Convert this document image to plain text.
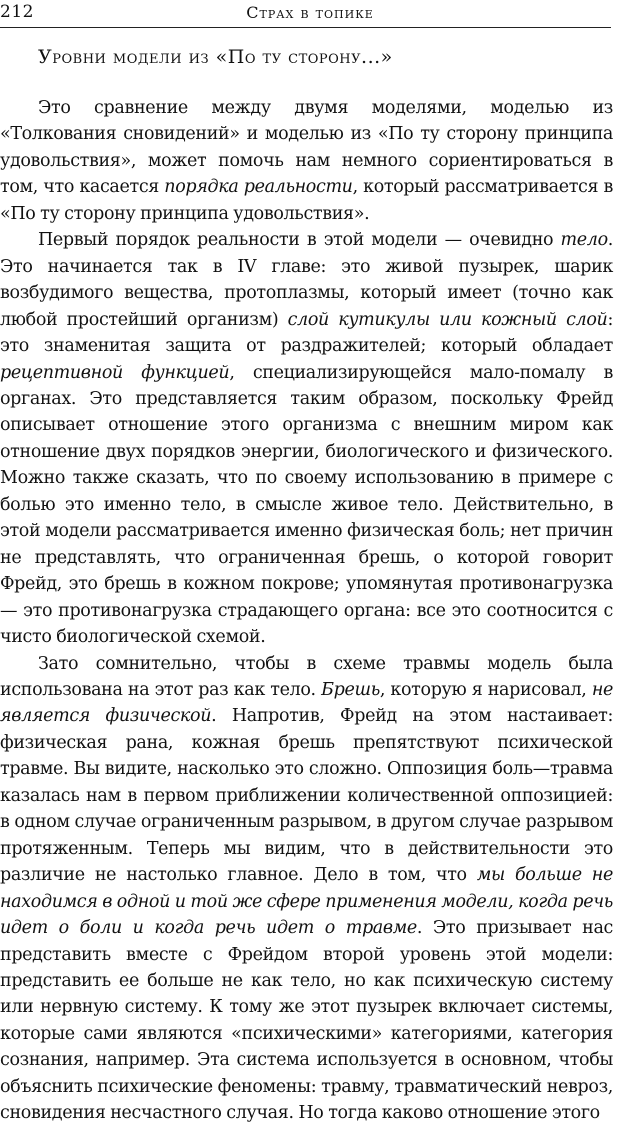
212	Страх в топике
Уровни модели из «По ту сторону...»

Это сравнение между двумя моделями, моделью из «Толкования сновидений» и моделью из «По ту сторону принципа удовольствия», может помочь нам немного сориентироваться в том, что касается порядка реальности, который рассматривается в «По ту сторону принципа удовольствия».

Первый порядок реальности в этой модели — очевидно тело. Это начинается так в IV главе: это живой пузырек, шарик возбудимого вещества, протоплазмы, который имеет (точно как любой простейший организм) слой кутикулы или кожный слой: это знаменитая защита от раздражителей; который обладает рецептивной функцией, специализирующейся мало-помалу в органах. Это представляется таким образом, поскольку Фрейд описывает отношение этого организма с внешним миром как отношение двух порядков энергии, биологического и физического. Можно также сказать, что по своему использованию в примере с болью это именно тело, в смысле живое тело. Действительно, в этой модели рассматривается именно физическая боль; нет причин не представлять, что ограниченная брешь, о которой говорит Фрейд, это брешь в кожном покрове; упомянутая противонагрузка — это противонагрузка страдающего органа: все это соотносится с чисто биологической схемой.

Зато сомнительно, чтобы в схеме травмы модель была использована на этот раз как тело. Брешь, которую я нарисовал, не является физической. Напротив, Фрейд на этом настаивает: физическая рана, кожная брешь препятствуют психической травме. Вы видите, насколько это сложно. Оппозиция боль—травма казалась нам в первом приближении количественной оппозицией: в одном случае ограниченным разрывом, в другом случае разрывом протяженным. Теперь мы видим, что в действительности это различие не настолько главное. Дело в том, что мы больше не находимся в одной и той же сфере применения модели, когда речь идет о боли и когда речь идет о травме. Это призывает нас представить вместе с Фрейдом второй уровень этой модели: представить ее больше не как тело, но как психическую систему или нервную систему. К тому же этот пузырек включает системы, которые сами являются «психическими» категориями, категория сознания, например. Эта система используется в основном, чтобы объяснить психические феномены: травму, травматический невроз, сновидения несчастного случая. Но тогда каково отношение этого
